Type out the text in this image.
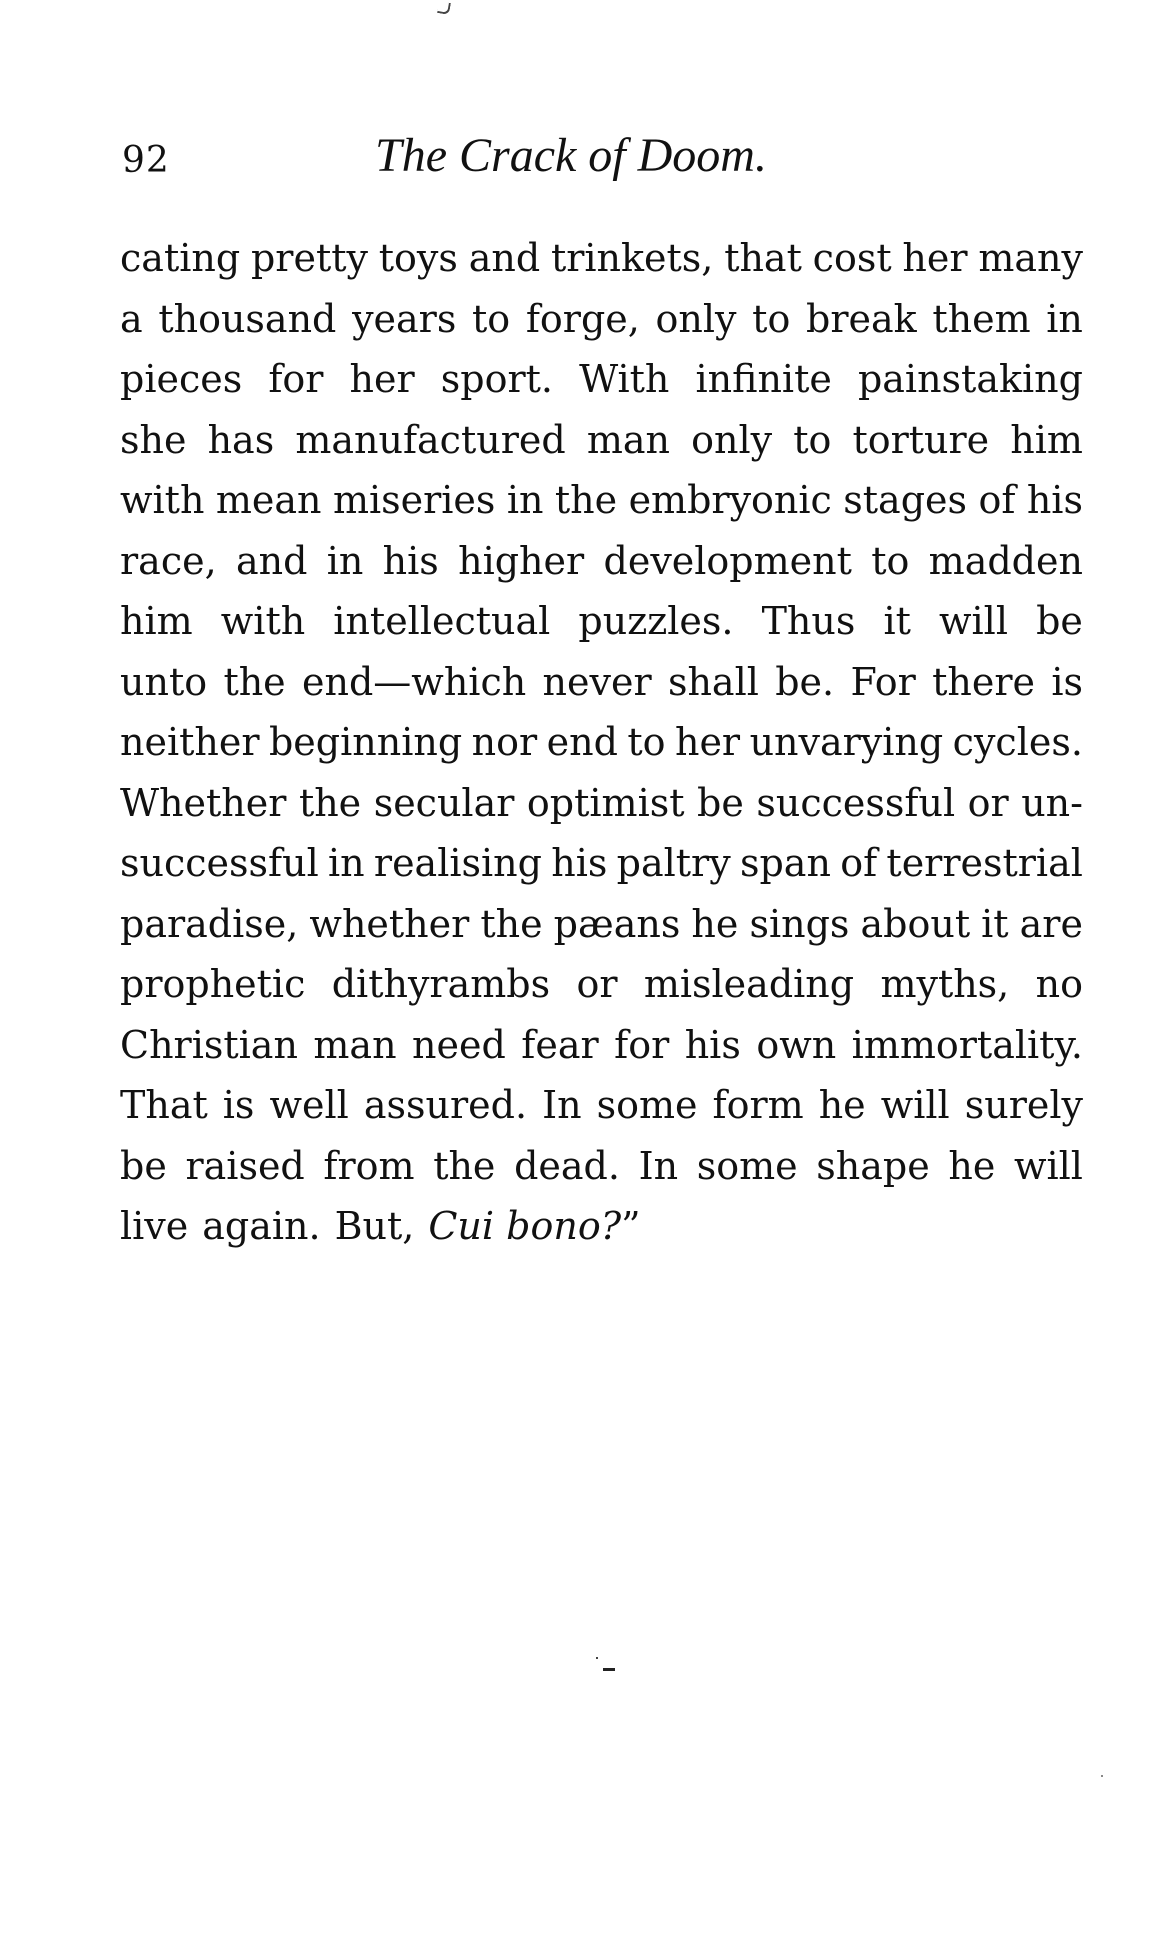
92	The Crack of Doom.
cating pretty toys and trinkets, that cost her many
a thousand years to forge, only to break them in
pieces for her sport. With infinite painstaking
she has manufactured man only to torture him
with mean miseries in the embryonic stages of his
race, and in his higher development to madden
him with intellectual puzzles. Thus it will be
unto the end—which never shall be. For there is
neither beginning nor end to her unvarying cycles.
Whether the secular optimist be successful or un-
successful in realising his paltry span of terrestrial
paradise, whether the pæans he sings about it are
prophetic dithyrambs or misleading myths, no
Christian man need fear for his own immortality.
That is well assured. In some form he will surely
be raised from the dead. In some shape he will
live again. But, Cui bono? ”
